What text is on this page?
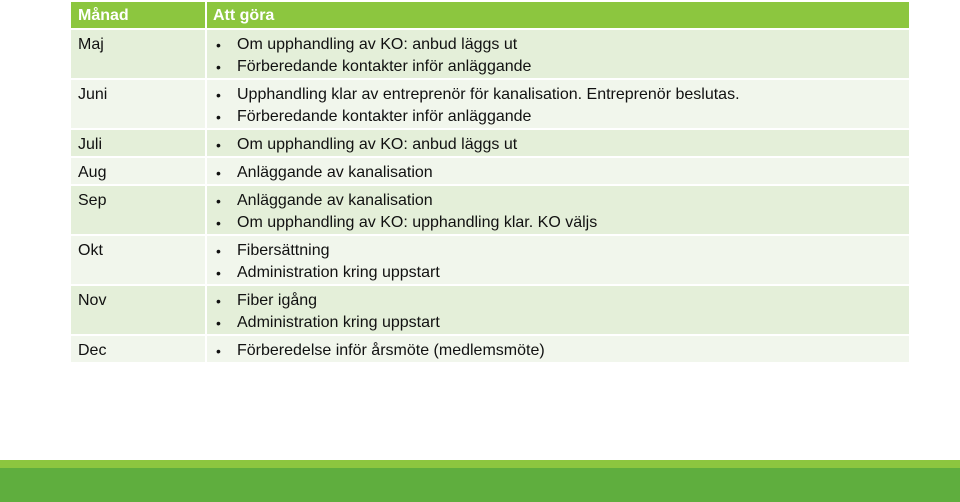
Månad	Att göra
Maj	• Om upphandling av KO: anbud läggs ut
• Förberedande kontakter inför anläggande
Juni	• Upphandling klar av entreprenör för kanalisation. Entreprenör beslutas.
• Förberedande kontakter inför anläggande
Juli	• Om upphandling av KO: anbud läggs ut
Aug	• Anläggande av kanalisation
Sep	• Anläggande av kanalisation
• Om upphandling av KO: upphandling klar. KO väljs
Okt	• Fibersättning
• Administration kring uppstart
Nov	• Fiber igång
• Administration kring uppstart
Dec	• Förberedelse inför årsmöte (medlemsmöte)
